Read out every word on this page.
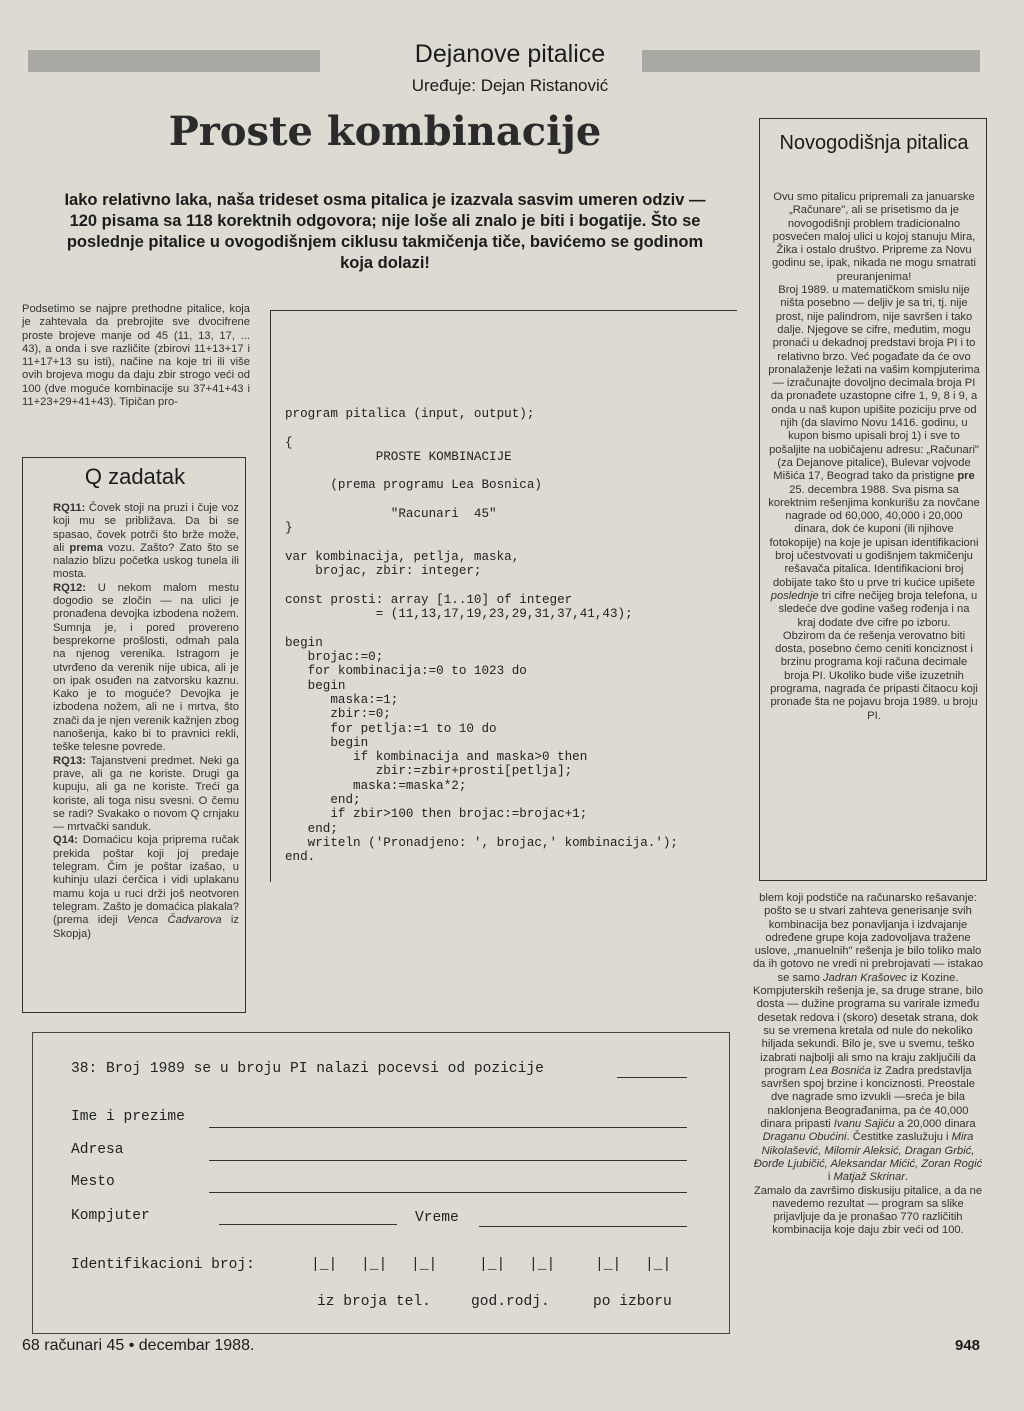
Dejanove pitalice
Uređuje: Dejan Ristanović
Proste kombinacije
Iako relativno laka, naša trideset osma pitalica je izazvala sasvim umeren odziv — 120 pisama sa 118 korektnih odgovora; nije loše ali znalo je biti i bogatije. Što se poslednje pitalice u ovogodišnjem ciklusu takmičenja tiče, bavićemo se godinom koja dolazi!
Podsetimo se najpre prethodne pitalice, koja je zahtevala da prebrojite sve dvocifrene proste brojeve manje od 45 (11, 13, 17, ... 43), a onda i sve različite (zbirovi 11+13+17 i 11+17+13 su isti), načine na koje tri ili više ovih brojeva mogu da daju zbir strogo veći od 100 (dve moguće kombinacije su 37+41+43 i 11+23+29+41+43). Tipičan pro-
Q zadatak

RQ11: Čovek stoji na pruzi i čuje voz koji mu se približava. Da bi se spasao, čovek potrči što brže može, ali prema vozu. Zašto? Zato što se nalazio blizu početka uskog tunela ili mosta.

RQ12: U nekom malom mestu dogodio se zločin — na ulici je pronađena devojka izbodena nožem. Sumnja je, i pored provereno besprekorne prošlosti, odmah pala na njenog verenika. Istragom je utvrđeno da verenik nije ubica, ali je on ipak osuđen na zatvorsku kaznu. Kako je to moguće? Devojka je izbodena nožem, ali ne i mrtva, što znači da je njen verenik kažnjen zbog nanošenja, kako bi to pravnici rekli, teške telesne povrede.

RQ13: Tajanstveni predmet. Neki ga prave, ali ga ne koriste. Drugi ga kupuju, ali ga ne koriste. Treći ga koriste, ali toga nisu svesni. O čemu se radi? Svakako o novom Q crnjaku — mrtvački sanduk.

Q14: Domaćicu koja priprema ručak prekida poštar koji joj predaje telegram. Čim je poštar izašao, u kuhinju ulazi ćerčica i vidi uplakanu mamu koja u ruci drži još neotvoren telegram. Zašto je domaćica plakala? (prema ideji Venca Čadvarova iz Skopja)

program pitalica (input, output);

{
PROSTE KOMBINACIJE

(prema programu Lea Bosnica)

"Racunari  45"
}

var kombinacija, petlja, maska,
brojac, zbir: integer;

const prosti: array [1..10] of integer
= (11,13,17,19,23,29,31,37,41,43);

begin
brojac:=0;
for kombinacija:=0 to 1023 do
begin
maska:=1;
zbir:=0;
for petlja:=1 to 10 do
begin
if kombinacija and maska>0 then
zbir:=zbir+prosti[petlja];
maska:=maska*2;
end;
if zbir>100 then brojac:=brojac+1;
end;
writeln ('Pronadjeno: ', brojac,' kombinacija.');
end.
Novogodišnja pitalica

Ovu smo pitalicu pripremali za januarske „Računare", ali se prisetismo da je novogodišnji problem tradicionalno posvećen maloj ulici u kojoj stanuju Mira, Žika i ostalo društvo. Pripreme za Novu godinu se, ipak, nikada ne mogu smatrati preuranjenima!

Broj 1989. u matematičkom smislu nije ništa posebno — deljiv je sa tri, tj. nije prost, nije palindrom, nije savršen i tako dalje. Njegove se cifre, međutim, mogu pronaći u dekadnoj predstavi broja PI i to relativno brzo. Već pogađate da će ovo pronalaženje ležati na vašim kompjuterima — izračunajte dovoljno decimala broja PI da pronađete uzastopne cifre 1, 9, 8 i 9, a onda u naš kupon upišite poziciju prve od njih (da slavimo Novu 1416. godinu, u kupon bismo upisali broj 1) i sve to pošaljite na uobičajenu adresu: „Računari" (za Dejanove pitalice), Bulevar vojvode Mišića 17, Beograd tako da pristigne pre 25. decembra 1988. Sva pisma sa korektnim rešenjima konkurišu za novčane nagrade od 60,000, 40,000 i 20,000 dinara, dok će kuponi (ili njihove fotokopije) na koje je upisan identifikacioni broj učestvovati u godišnjem takmičenju rešavača pitalica. Identifikacioni broj dobijate tako što u prve tri kućice upišete poslednje tri cifre nečijeg broja telefona, u sledeće dve godine vašeg rođenja i na kraj dodate dve cifre po izboru.

Obzirom da će rešenja verovatno biti dosta, posebno ćemo ceniti konciznost i brzinu programa koji računa decimale broja PI. Ukoliko bude više izuzetnih programa, nagrada će pripasti čitaocu koji pronađe šta ne pojavu broja 1989. u broju PI.

blem koji podstiče na računarsko rešavanje: pošto se u stvari zahteva generisanje svih kombinacija bez ponavljanja i izdvajanje određene grupe koja zadovoljava tražene uslove, „manuelnih" rešenja je bilo toliko malo da ih gotovo ne vredi ni prebrojavati — istakao se samo Jadran Krašovec iz Kozine. Kompjuterskih rešenja je, sa druge strane, bilo dosta — dužine programa su varirale između desetak redova i (skoro) desetak strana, dok su se vremena kretala od nule do nekoliko hiljada sekundi. Bilo je, sve u svemu, teško izabrati najbolji ali smo na kraju zaključili da program Lea Bosnića iz Zadra predstavlja savršen spoj brzine i konciznosti. Preostale dve nagrade smo izvukli —sreća je bila naklonjena Beograđanima, pa će 40,000 dinara pripasti Ivanu Sajiću a 20,000 dinara Draganu Obućini. Čestitke zaslužuju i Mira Nikolašević, Milomir Aleksić, Dragan Grbić, Đorđe Ljubičić, Aleksandar Mićić, Zoran Rogić i Matjaž Skrinar.

Zamalo da završimo diskusiju pitalice, a da ne navedemo rezultat — program sa slike prijavljuje da je pronašao 770 različitih kombinacija koje daju zbir veći od 100.

38: Broj 1989 se u broju PI nalazi pocevsi od pozicije
Ime i prezime
Adresa
Mesto
Kompjuter	Vreme
Identifikacioni broj:	|_| |_| |_|	|_| |_|	|_| |_|
iz broja tel.	god.rodj.	po izboru
68 računari 45 • decembar 1988.	948
